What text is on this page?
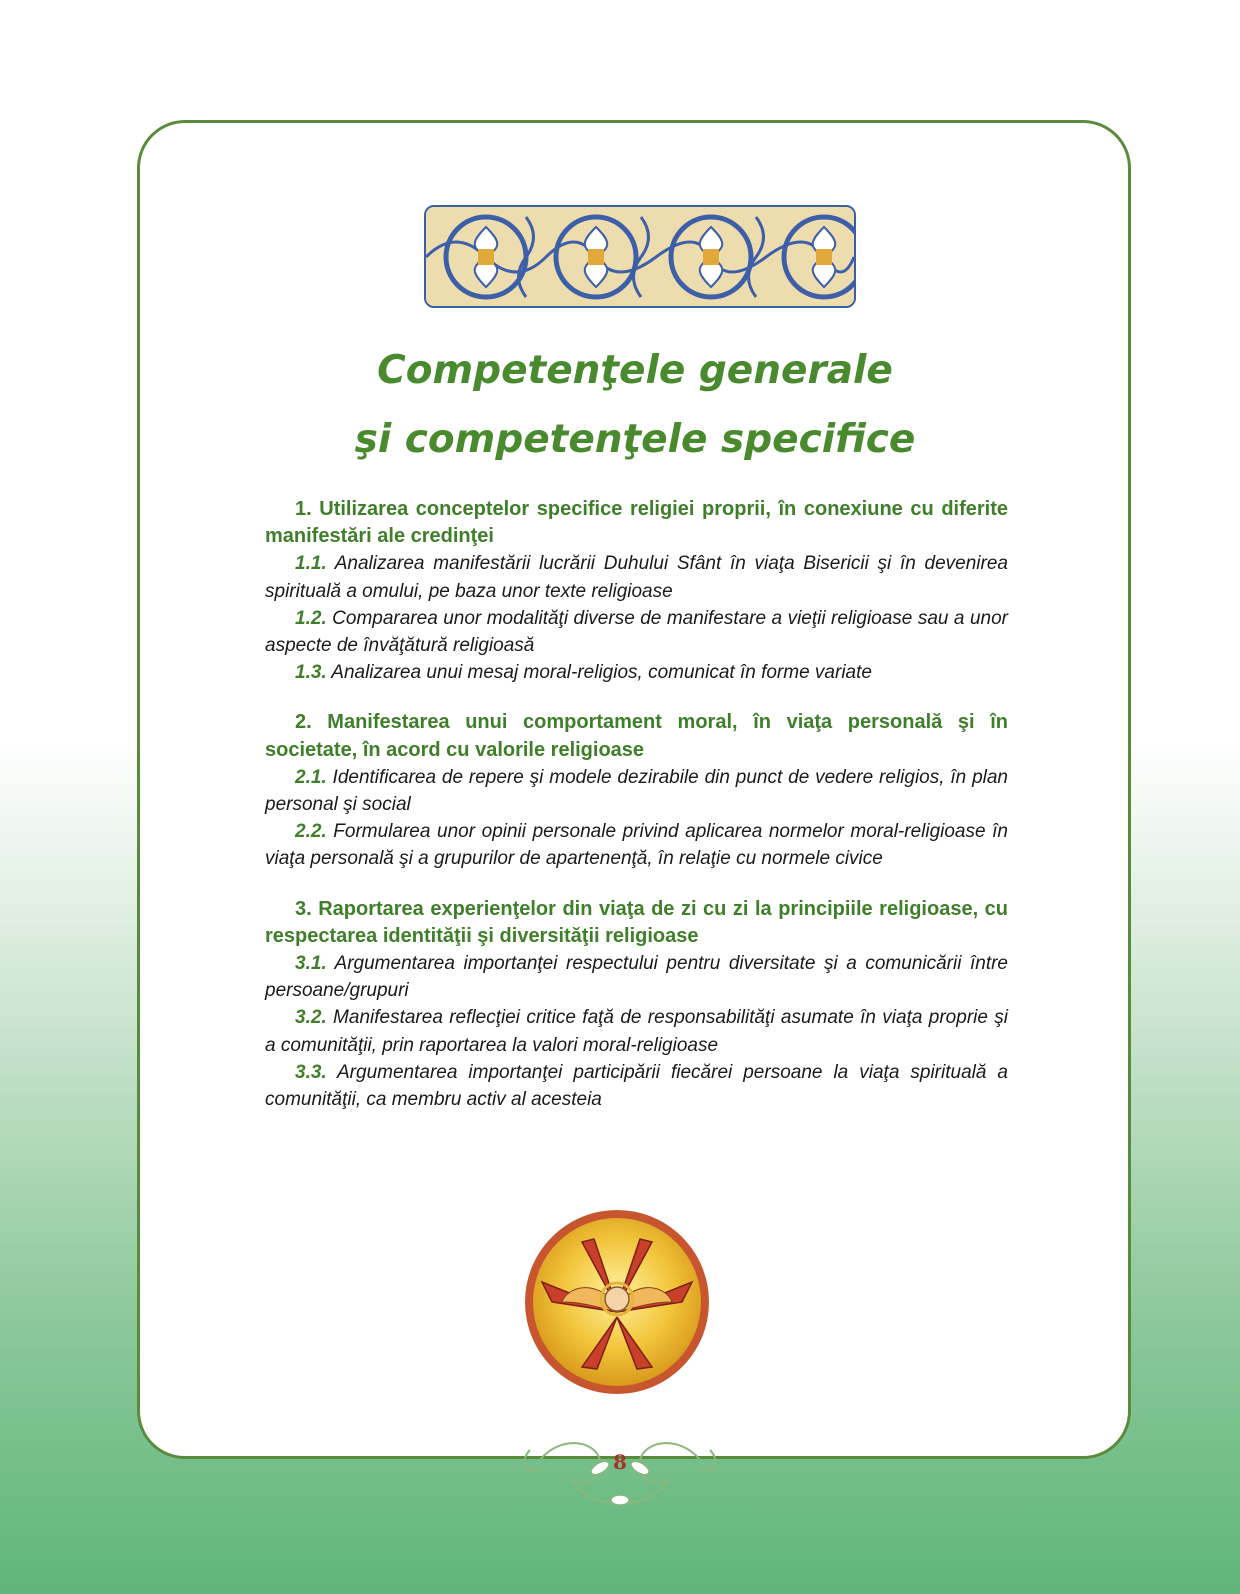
Competenţele generale
şi competenţele specifice

1. Utilizarea conceptelor specifice religiei proprii, în conexiune cu diferite manifestări ale credinţei

1.1. Analizarea manifestării lucrării Duhului Sfânt în viaţa Bisericii şi în devenirea spirituală a omului, pe baza unor texte religioase

1.2. Compararea unor modalităţi diverse de manifestare a vieţii religioase sau a unor aspecte de învăţătură religioasă

1.3. Analizarea unui mesaj moral-religios, comunicat în forme variate

2. Manifestarea unui comportament moral, în viaţa personală şi în societate, în acord cu valorile religioase

2.1. Identificarea de repere şi modele dezirabile din punct de vedere religios, în plan personal şi social

2.2. Formularea unor opinii personale privind aplicarea normelor moral-religioase în viaţa personală şi a grupurilor de apartenenţă, în relaţie cu normele civice

3. Raportarea experienţelor din viaţa de zi cu zi la principiile religioase, cu respectarea identităţii şi diversităţii religioase

3.1. Argumentarea importanţei respectului pentru diversitate şi a comunicării între persoane/grupuri

3.2. Manifestarea reflecţiei critice faţă de responsabilităţi asumate în viaţa proprie şi a comunităţii, prin raportarea la valori moral-religioase

3.3. Argumentarea importanţei participării fiecărei persoane la viaţa spirituală a comunităţii, ca membru activ al acesteia

8
